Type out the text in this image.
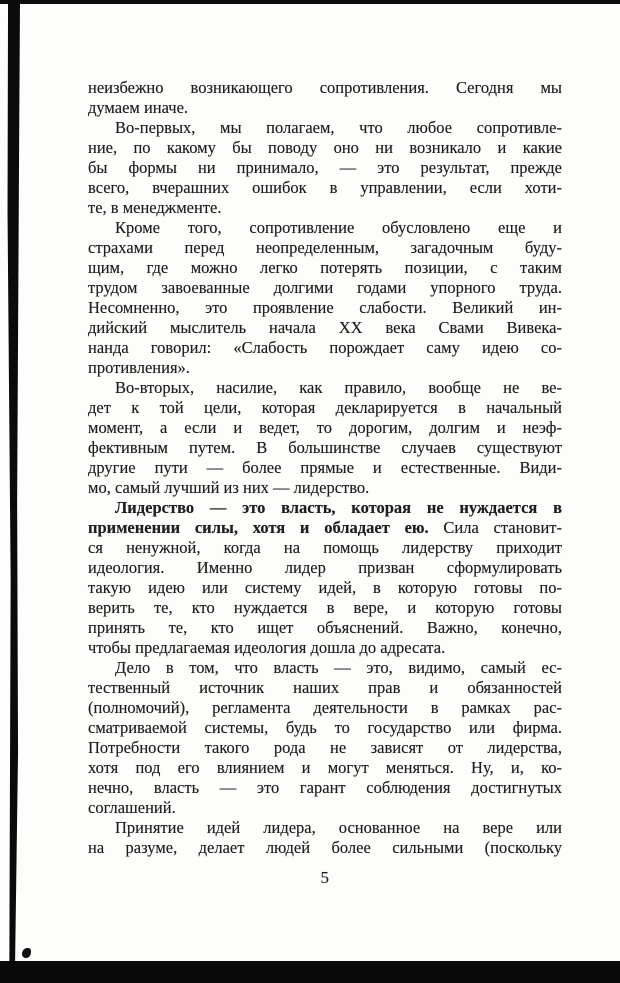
неизбежно возникающего сопротивления. Сегодня мы
думаем иначе.
Во-первых, мы полагаем, что любое сопротивле-
ние, по какому бы поводу оно ни возникало и какие
бы формы ни принимало, — это результат, прежде
всего, вчерашних ошибок в управлении, если хоти-
те, в менеджменте.
Кроме того, сопротивление обусловлено еще и
страхами перед неопределенным, загадочным буду-
щим, где можно легко потерять позиции, с таким
трудом завоеванные долгими годами упорного труда.
Несомненно, это проявление слабости. Великий ин-
дийский мыслитель начала XX века Свами Вивека-
нанда говорил: «Слабость порождает саму идею со-
противления».
Во-вторых, насилие, как правило, вообще не ве-
дет к той цели, которая декларируется в начальный
момент, а если и ведет, то дорогим, долгим и неэф-
фективным путем. В большинстве случаев существуют
другие пути — более прямые и естественные. Види-
мо, самый лучший из них — лидерство.
Лидерство — это власть, которая не нуждается в
применении силы, хотя и обладает ею. Сила становит-
ся ненужной, когда на помощь лидерству приходит
идеология. Именно лидер призван сформулировать
такую идею или систему идей, в которую готовы по-
верить те, кто нуждается в вере, и которую готовы
принять те, кто ищет объяснений. Важно, конечно,
чтобы предлагаемая идеология дошла до адресата.
Дело в том, что власть — это, видимо, самый ес-
тественный источник наших прав и обязанностей
(полномочий), регламента деятельности в рамках рас-
сматриваемой системы, будь то государство или фирма.
Потребности такого рода не зависят от лидерства,
хотя под его влиянием и могут меняться. Ну, и, ко-
нечно, власть — это гарант соблюдения достигнутых
соглашений.
Принятие идей лидера, основанное на вере или
на разуме, делает людей более сильными (поскольку
5
